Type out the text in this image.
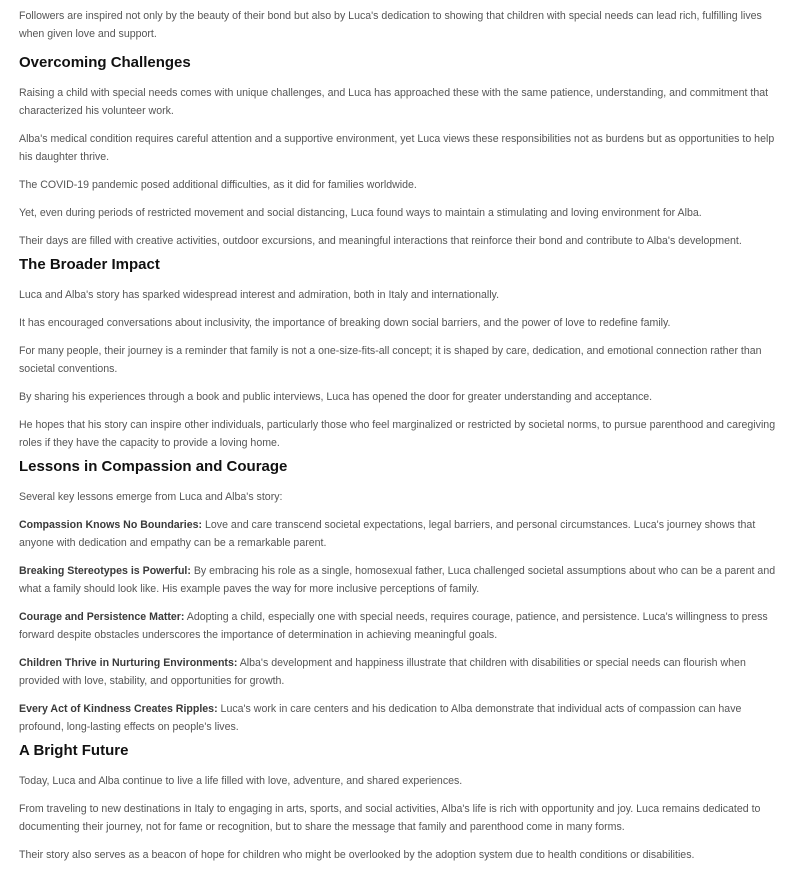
Followers are inspired not only by the beauty of their bond but also by Luca's dedication to showing that children with special needs can lead rich, fulfilling lives when given love and support.

Overcoming Challenges

Raising a child with special needs comes with unique challenges, and Luca has approached these with the same patience, understanding, and commitment that characterized his volunteer work.

Alba's medical condition requires careful attention and a supportive environment, yet Luca views these responsibilities not as burdens but as opportunities to help his daughter thrive.

The COVID-19 pandemic posed additional difficulties, as it did for families worldwide.

Yet, even during periods of restricted movement and social distancing, Luca found ways to maintain a stimulating and loving environment for Alba.

Their days are filled with creative activities, outdoor excursions, and meaningful interactions that reinforce their bond and contribute to Alba's development.

The Broader Impact

Luca and Alba's story has sparked widespread interest and admiration, both in Italy and internationally.

It has encouraged conversations about inclusivity, the importance of breaking down social barriers, and the power of love to redefine family.

For many people, their journey is a reminder that family is not a one-size-fits-all concept; it is shaped by care, dedication, and emotional connection rather than societal conventions.

By sharing his experiences through a book and public interviews, Luca has opened the door for greater understanding and acceptance.

He hopes that his story can inspire other individuals, particularly those who feel marginalized or restricted by societal norms, to pursue parenthood and caregiving roles if they have the capacity to provide a loving home.

Lessons in Compassion and Courage

Several key lessons emerge from Luca and Alba's story:

Compassion Knows No Boundaries: Love and care transcend societal expectations, legal barriers, and personal circumstances. Luca's journey shows that anyone with dedication and empathy can be a remarkable parent.

Breaking Stereotypes is Powerful: By embracing his role as a single, homosexual father, Luca challenged societal assumptions about who can be a parent and what a family should look like. His example paves the way for more inclusive perceptions of family.

Courage and Persistence Matter: Adopting a child, especially one with special needs, requires courage, patience, and persistence. Luca's willingness to press forward despite obstacles underscores the importance of determination in achieving meaningful goals.

Children Thrive in Nurturing Environments: Alba's development and happiness illustrate that children with disabilities or special needs can flourish when provided with love, stability, and opportunities for growth.

Every Act of Kindness Creates Ripples: Luca's work in care centers and his dedication to Alba demonstrate that individual acts of compassion can have profound, long-lasting effects on people's lives.

A Bright Future

Today, Luca and Alba continue to live a life filled with love, adventure, and shared experiences.

From traveling to new destinations in Italy to engaging in arts, sports, and social activities, Alba's life is rich with opportunity and joy. Luca remains dedicated to documenting their journey, not for fame or recognition, but to share the message that family and parenthood come in many forms.

Their story also serves as a beacon of hope for children who might be overlooked by the adoption system due to health conditions or disabilities.
